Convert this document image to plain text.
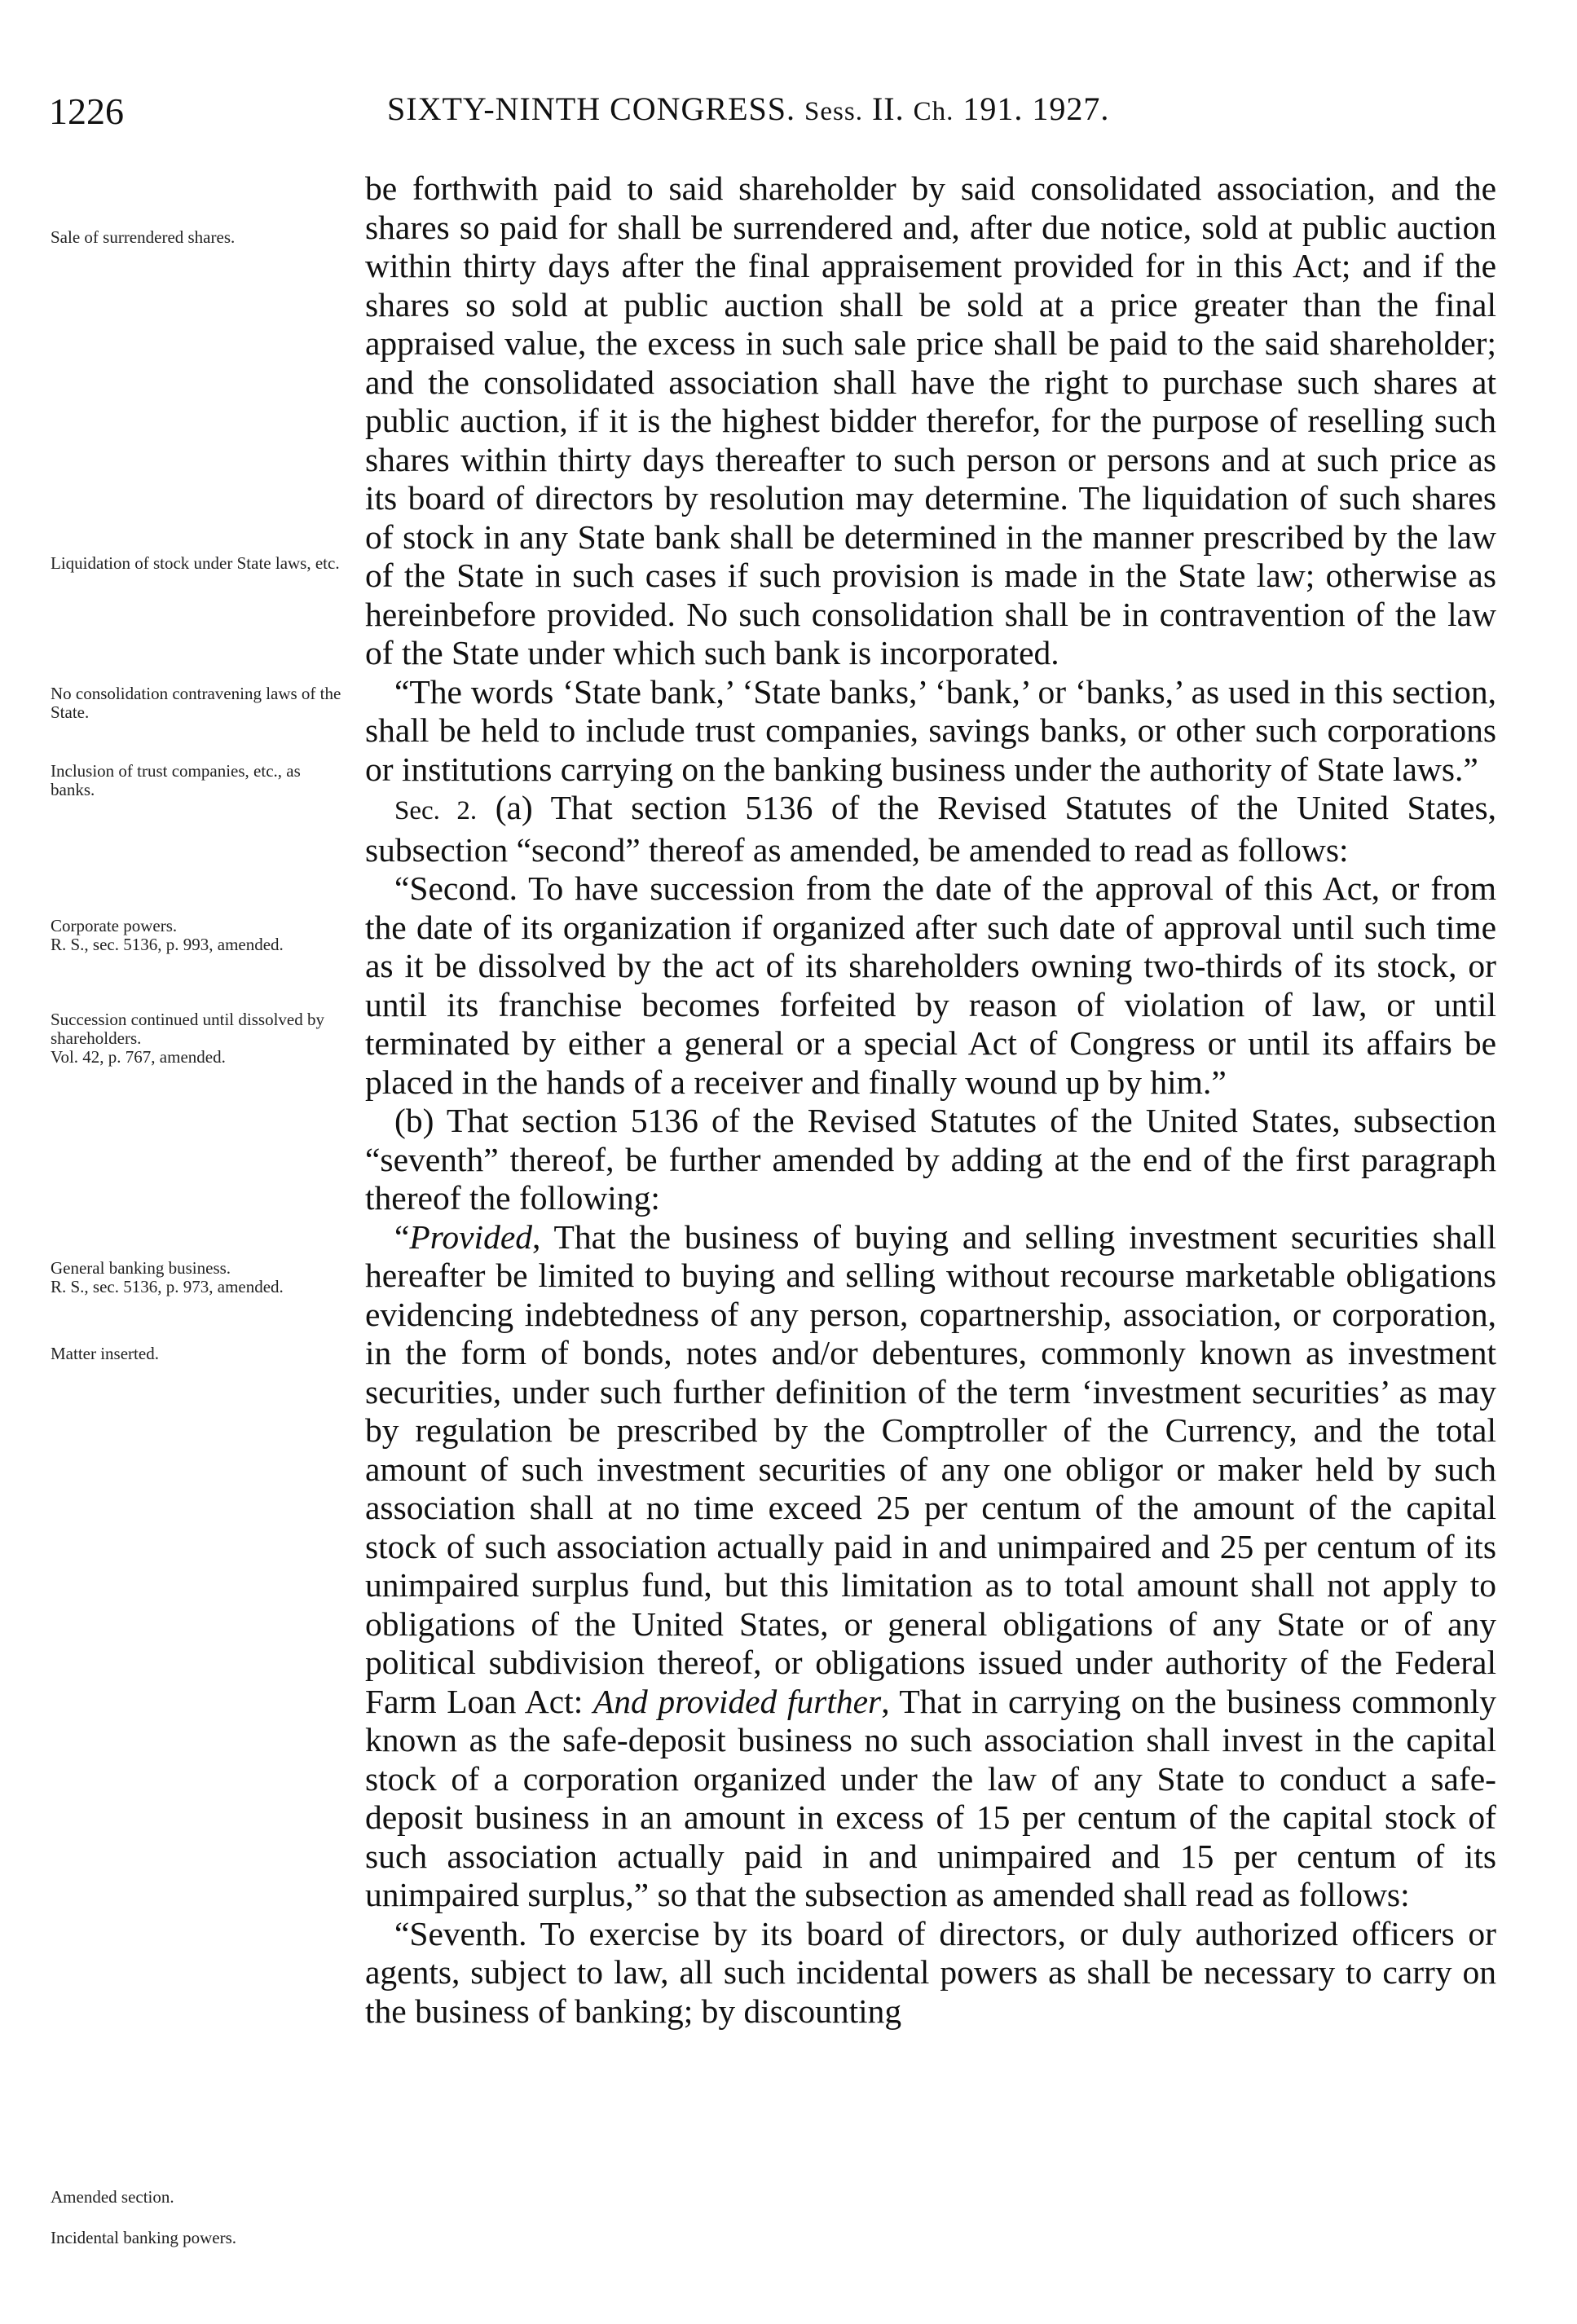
1226	SIXTY-NINTH CONGRESS. Sess. II. Ch. 191. 1927.
Sale of surrendered shares.
Liquidation of stock under State laws, etc.
No consolidation contravening laws of the State.
Inclusion of trust companies, etc., as banks.
Corporate powers.
R. S., sec. 5136, p. 993, amended.
Succession continued until dissolved by shareholders.
Vol. 42, p. 767, amended.
General banking business.
R. S., sec. 5136, p. 973, amended.
Matter inserted.
Amended section.
Incidental banking powers.

be forthwith paid to said shareholder by said consolidated association, and the shares so paid for shall be surrendered and, after due notice, sold at public auction within thirty days after the final appraisement provided for in this Act; and if the shares so sold at public auction shall be sold at a price greater than the final appraised value, the excess in such sale price shall be paid to the said shareholder; and the consolidated association shall have the right to purchase such shares at public auction, if it is the highest bidder therefor, for the purpose of reselling such shares within thirty days thereafter to such person or persons and at such price as its board of directors by resolution may determine. The liquidation of such shares of stock in any State bank shall be determined in the manner prescribed by the law of the State in such cases if such provision is made in the State law; otherwise as hereinbefore provided. No such consolidation shall be in contravention of the law of the State under which such bank is incorporated.

“The words ‘State bank,’ ‘State banks,’ ‘bank,’ or ‘banks,’ as used in this section, shall be held to include trust companies, savings banks, or other such corporations or institutions carrying on the banking business under the authority of State laws.”

Sec. 2. (a) That section 5136 of the Revised Statutes of the United States, subsection “second” thereof as amended, be amended to read as follows:

“Second. To have succession from the date of the approval of this Act, or from the date of its organization if organized after such date of approval until such time as it be dissolved by the act of its shareholders owning two-thirds of its stock, or until its franchise becomes forfeited by reason of violation of law, or until terminated by either a general or a special Act of Congress or until its affairs be placed in the hands of a receiver and finally wound up by him.”

(b) That section 5136 of the Revised Statutes of the United States, subsection “seventh” thereof, be further amended by adding at the end of the first paragraph thereof the following:

“Provided, That the business of buying and selling investment securities shall hereafter be limited to buying and selling without recourse marketable obligations evidencing indebtedness of any person, copartnership, association, or corporation, in the form of bonds, notes and/or debentures, commonly known as investment securities, under such further definition of the term ‘investment securities’ as may by regulation be prescribed by the Comptroller of the Currency, and the total amount of such investment securities of any one obligor or maker held by such association shall at no time exceed 25 per centum of the amount of the capital stock of such association actually paid in and unimpaired and 25 per centum of its unimpaired surplus fund, but this limitation as to total amount shall not apply to obligations of the United States, or general obligations of any State or of any political subdivision thereof, or obligations issued under authority of the Federal Farm Loan Act: And provided further, That in carrying on the business commonly known as the safe-deposit business no such association shall invest in the capital stock of a corporation organized under the law of any State to conduct a safe-deposit business in an amount in excess of 15 per centum of the capital stock of such association actually paid in and unimpaired and 15 per centum of its unimpaired surplus,” so that the subsection as amended shall read as follows:

“Seventh. To exercise by its board of directors, or duly authorized officers or agents, subject to law, all such incidental powers as shall be necessary to carry on the business of banking; by discounting
